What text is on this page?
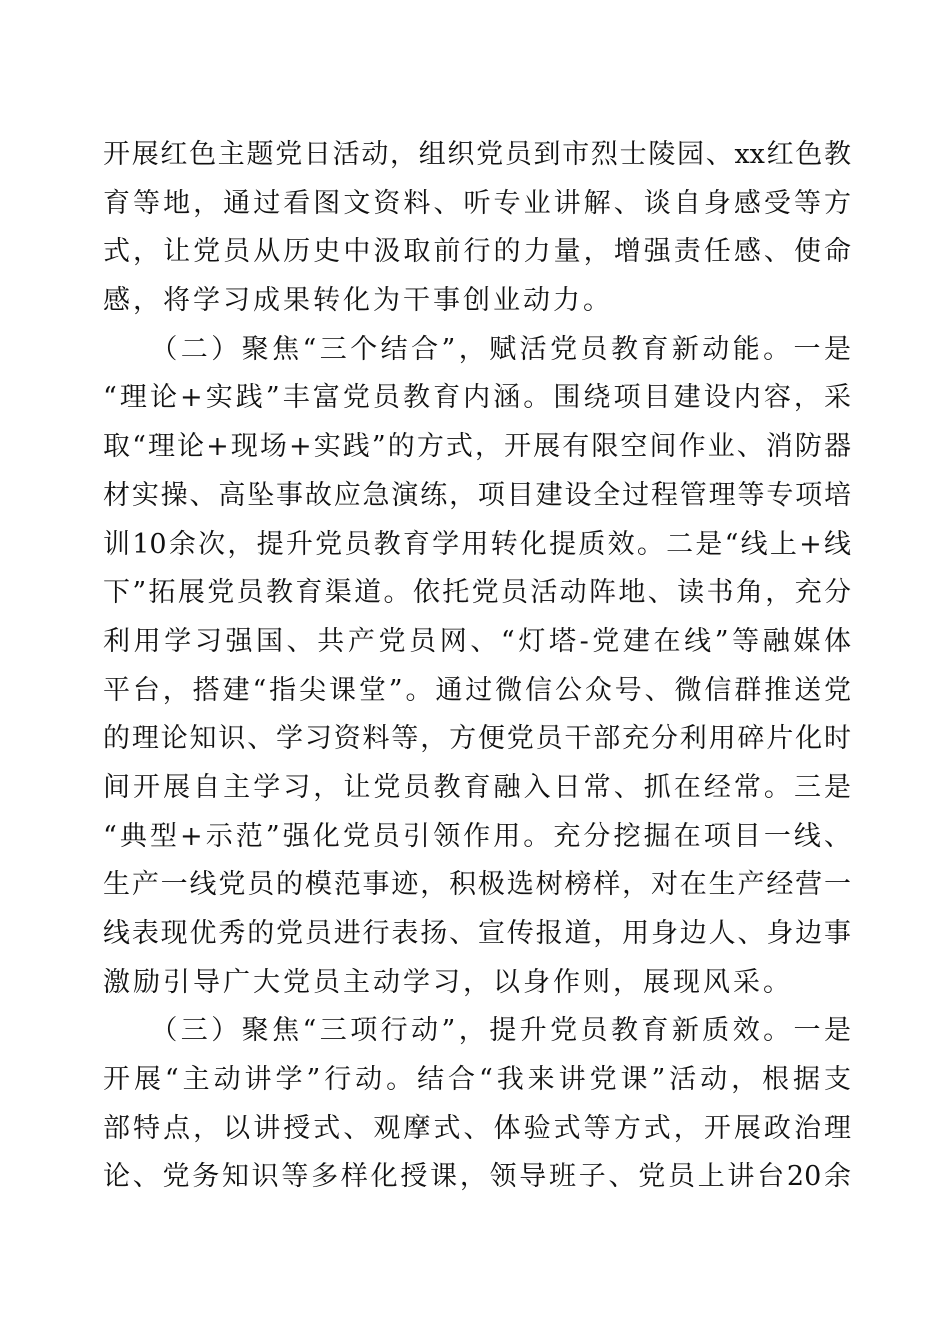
开展红色主题党日活动，组织党员到市烈士陵园、xx红色教
育等地，通过看图文资料、听专业讲解、谈自身感受等方
式，让党员从历史中汲取前行的力量，增强责任感、使命
感，将学习成果转化为干事创业动力。
　　（二）聚焦“三个结合”，赋活党员教育新动能。一是
“理论+实践”丰富党员教育内涵。围绕项目建设内容，采
取“理论+现场+实践”的方式，开展有限空间作业、消防器
材实操、高坠事故应急演练，项目建设全过程管理等专项培
训10余次，提升党员教育学用转化提质效。二是“线上+线
下”拓展党员教育渠道。依托党员活动阵地、读书角，充分
利用学习强国、共产党员网、“灯塔-党建在线”等融媒体
平台，搭建“指尖课堂”。通过微信公众号、微信群推送党
的理论知识、学习资料等，方便党员干部充分利用碎片化时
间开展自主学习，让党员教育融入日常、抓在经常。三是
“典型+示范”强化党员引领作用。充分挖掘在项目一线、
生产一线党员的模范事迹，积极选树榜样，对在生产经营一
线表现优秀的党员进行表扬、宣传报道，用身边人、身边事
激励引导广大党员主动学习，以身作则，展现风采。
　　（三）聚焦“三项行动”，提升党员教育新质效。一是
开展“主动讲学”行动。结合“我来讲党课”活动，根据支
部特点，以讲授式、观摩式、体验式等方式，开展政治理
论、党务知识等多样化授课，领导班子、党员上讲台20余
